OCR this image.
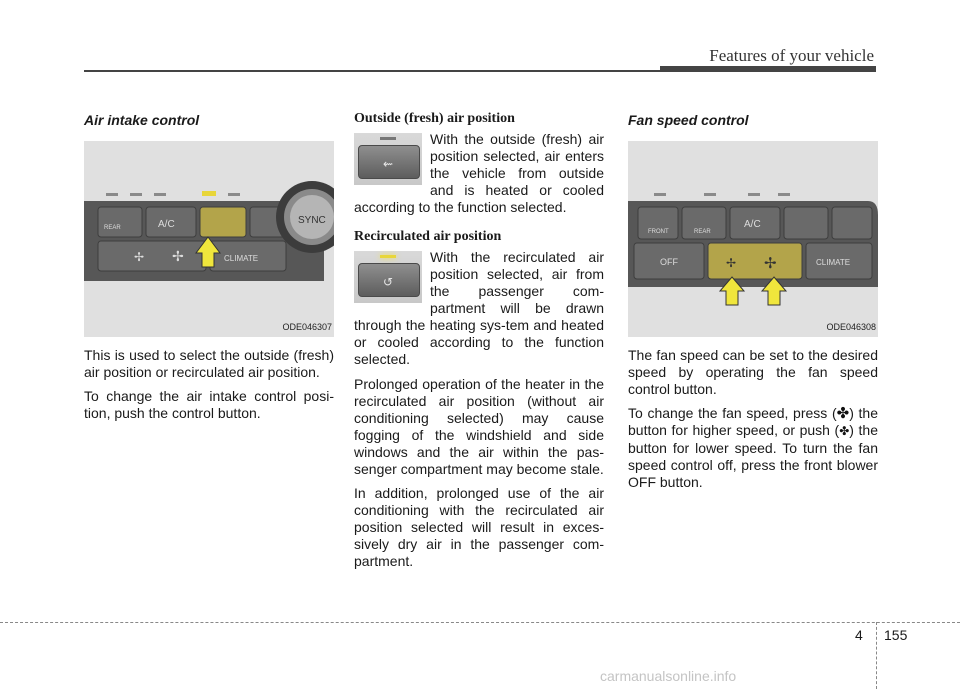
Features of your vehicle
Air intake control
REAR	A/C
CLIMATE
✢ ✢
SYNC
ODE046307

This is used to select the outside (fresh) air position or recirculated air position.

To change the air intake control posi-tion, push the control button.

Outside (fresh) air position
⇜
With the outside (fresh) air position selected, air enters the vehicle from outside and is heated or cooled according to the function selected.
Recirculated air position
↺
With the recirculated air position selected, air from the passenger com-partment will be drawn through the heating sys-tem and heated or cooled according to the function selected.

Prolonged operation of the heater in the recirculated air position (without air conditioning selected) may cause fogging of the windshield and side windows and the air within the pas-senger compartment may become stale.

In addition, prolonged use of the air conditioning with the recirculated air position selected will result in exces-sively dry air in the passenger com-partment.

Fan speed control
FRONT	REAR
A/C
OFF	CLIMATE
✢ ✢
ODE046308

The fan speed can be set to the desired speed by operating the fan speed control button.

To change the fan speed, press (✤) the button for higher speed, or push (✤) the button for lower speed. To turn the fan speed control off, press the front blower OFF button.

4 155
carmanualsonline.info
